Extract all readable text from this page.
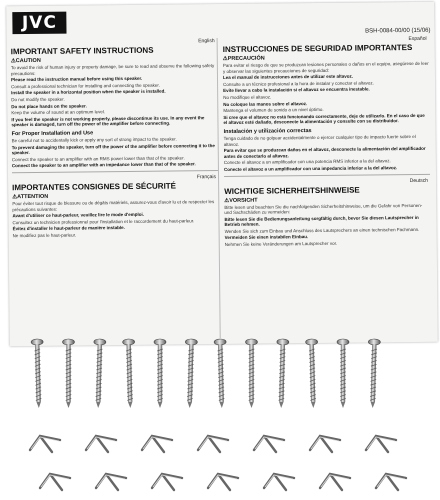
JVC	BSH-0084-00/00 (15/06)
English
IMPORTANT SAFETY INSTRUCTIONS
⚠CAUTION
To avoid the risk of human injury or property damage, be sure to read and observe the following safety precautions:
Please read the instruction manual before using this speaker.
Consult a professional technician for installing and connecting the speaker.
Install the speaker in a horizontal position when the speaker is installed.
Do not modify the speaker.
Do not place hands on the speaker.
Keep the volume of sound at an optimum level.
If you feel the speaker is not working properly, please discontinue its use. In any event the speaker is damaged, turn off the power of the amplifier before connecting.
For Proper Installation and Use
Be careful not to accidentally kick or apply any sort of strong impact to the speaker.
To prevent damaging the speaker, turn off the power of the amplifier before connecting it to the speaker.
Connect the speaker to an amplifier with an RMS power lower than that of the speaker.
Connect the speaker to an amplifier with an impedance lower than that of the speaker.
Français
IMPORTANTES CONSIGNES DE SÉCURITÉ
⚠ATTENTION
Pour éviter tout risque de blessure ou de dégâts matériels, assurez-vous d'avoir lu et de respecter les précautions suivantes:
Avant d'utiliser ce haut-parleur, veuillez lire le mode d'emploi.
Consultez un technicien professionnel pour l'installation et le raccordement du haut-parleur.
Évitez d'installer le haut-parleur de manière instable.
Ne modifiez pas le haut-parleur.
Español
INSTRUCCIONES DE SEGURIDAD IMPORTANTES
⚠PRECAUCIÓN
Para evitar el riesgo de que se produzcan lesiones personales o daños en el equipo, asegúrese de leer y observar las siguientes precauciones de seguridad:
Lea el manual de instrucciones antes de utilizar este altavoz.
Consulte a un técnico profesional a la hora de instalar y conectar el altavoz.
Evite llevar a cabo la instalación si el altavoz se encuentra inestable.
No modifique el altavoz.
No coloque las manos sobre el altavoz.
Mantenga el volumen de sonido a un nivel óptimo.
Si cree que el altavoz no está funcionando correctamente, deje de utilizarlo. En el caso de que el altavoz esté dañado, desconecte la alimentación y consulte con su distribuidor.
Instalación y utilización correctas
Tenga cuidado de no golpear accidentalmente o ejercer cualquier tipo de impacto fuerte sobre el altavoz.
Para evitar que se produzcan daños en el altavoz, desconecte la alimentación del amplificador antes de conectarlo al altavoz.
Conecte el altavoz a un amplificador con una potencia RMS inferior a la del altavoz.
Conecte el altavoz a un amplificador con una impedancia inferior a la del altavoz.
Deutsch
WICHTIGE SICHERHEITSHINWEISE
⚠VORSICHT
Bitte lesen und beachten Sie die nachfolgenden Sicherheitshinweise, um die Gefahr von Personen- und Sachschäden zu vermeiden:
Bitte lesen Sie die Bedienungsanleitung sorgfältig durch, bevor Sie diesen Lautsprecher in Betrieb nehmen.
Wenden Sie sich zum Einbau und Anschluss des Lautsprechers an einen technischen Fachmann.
Vermeiden Sie einen instabilen Einbau.
Nehmen Sie keine Veränderungen am Lautsprecher vor.
